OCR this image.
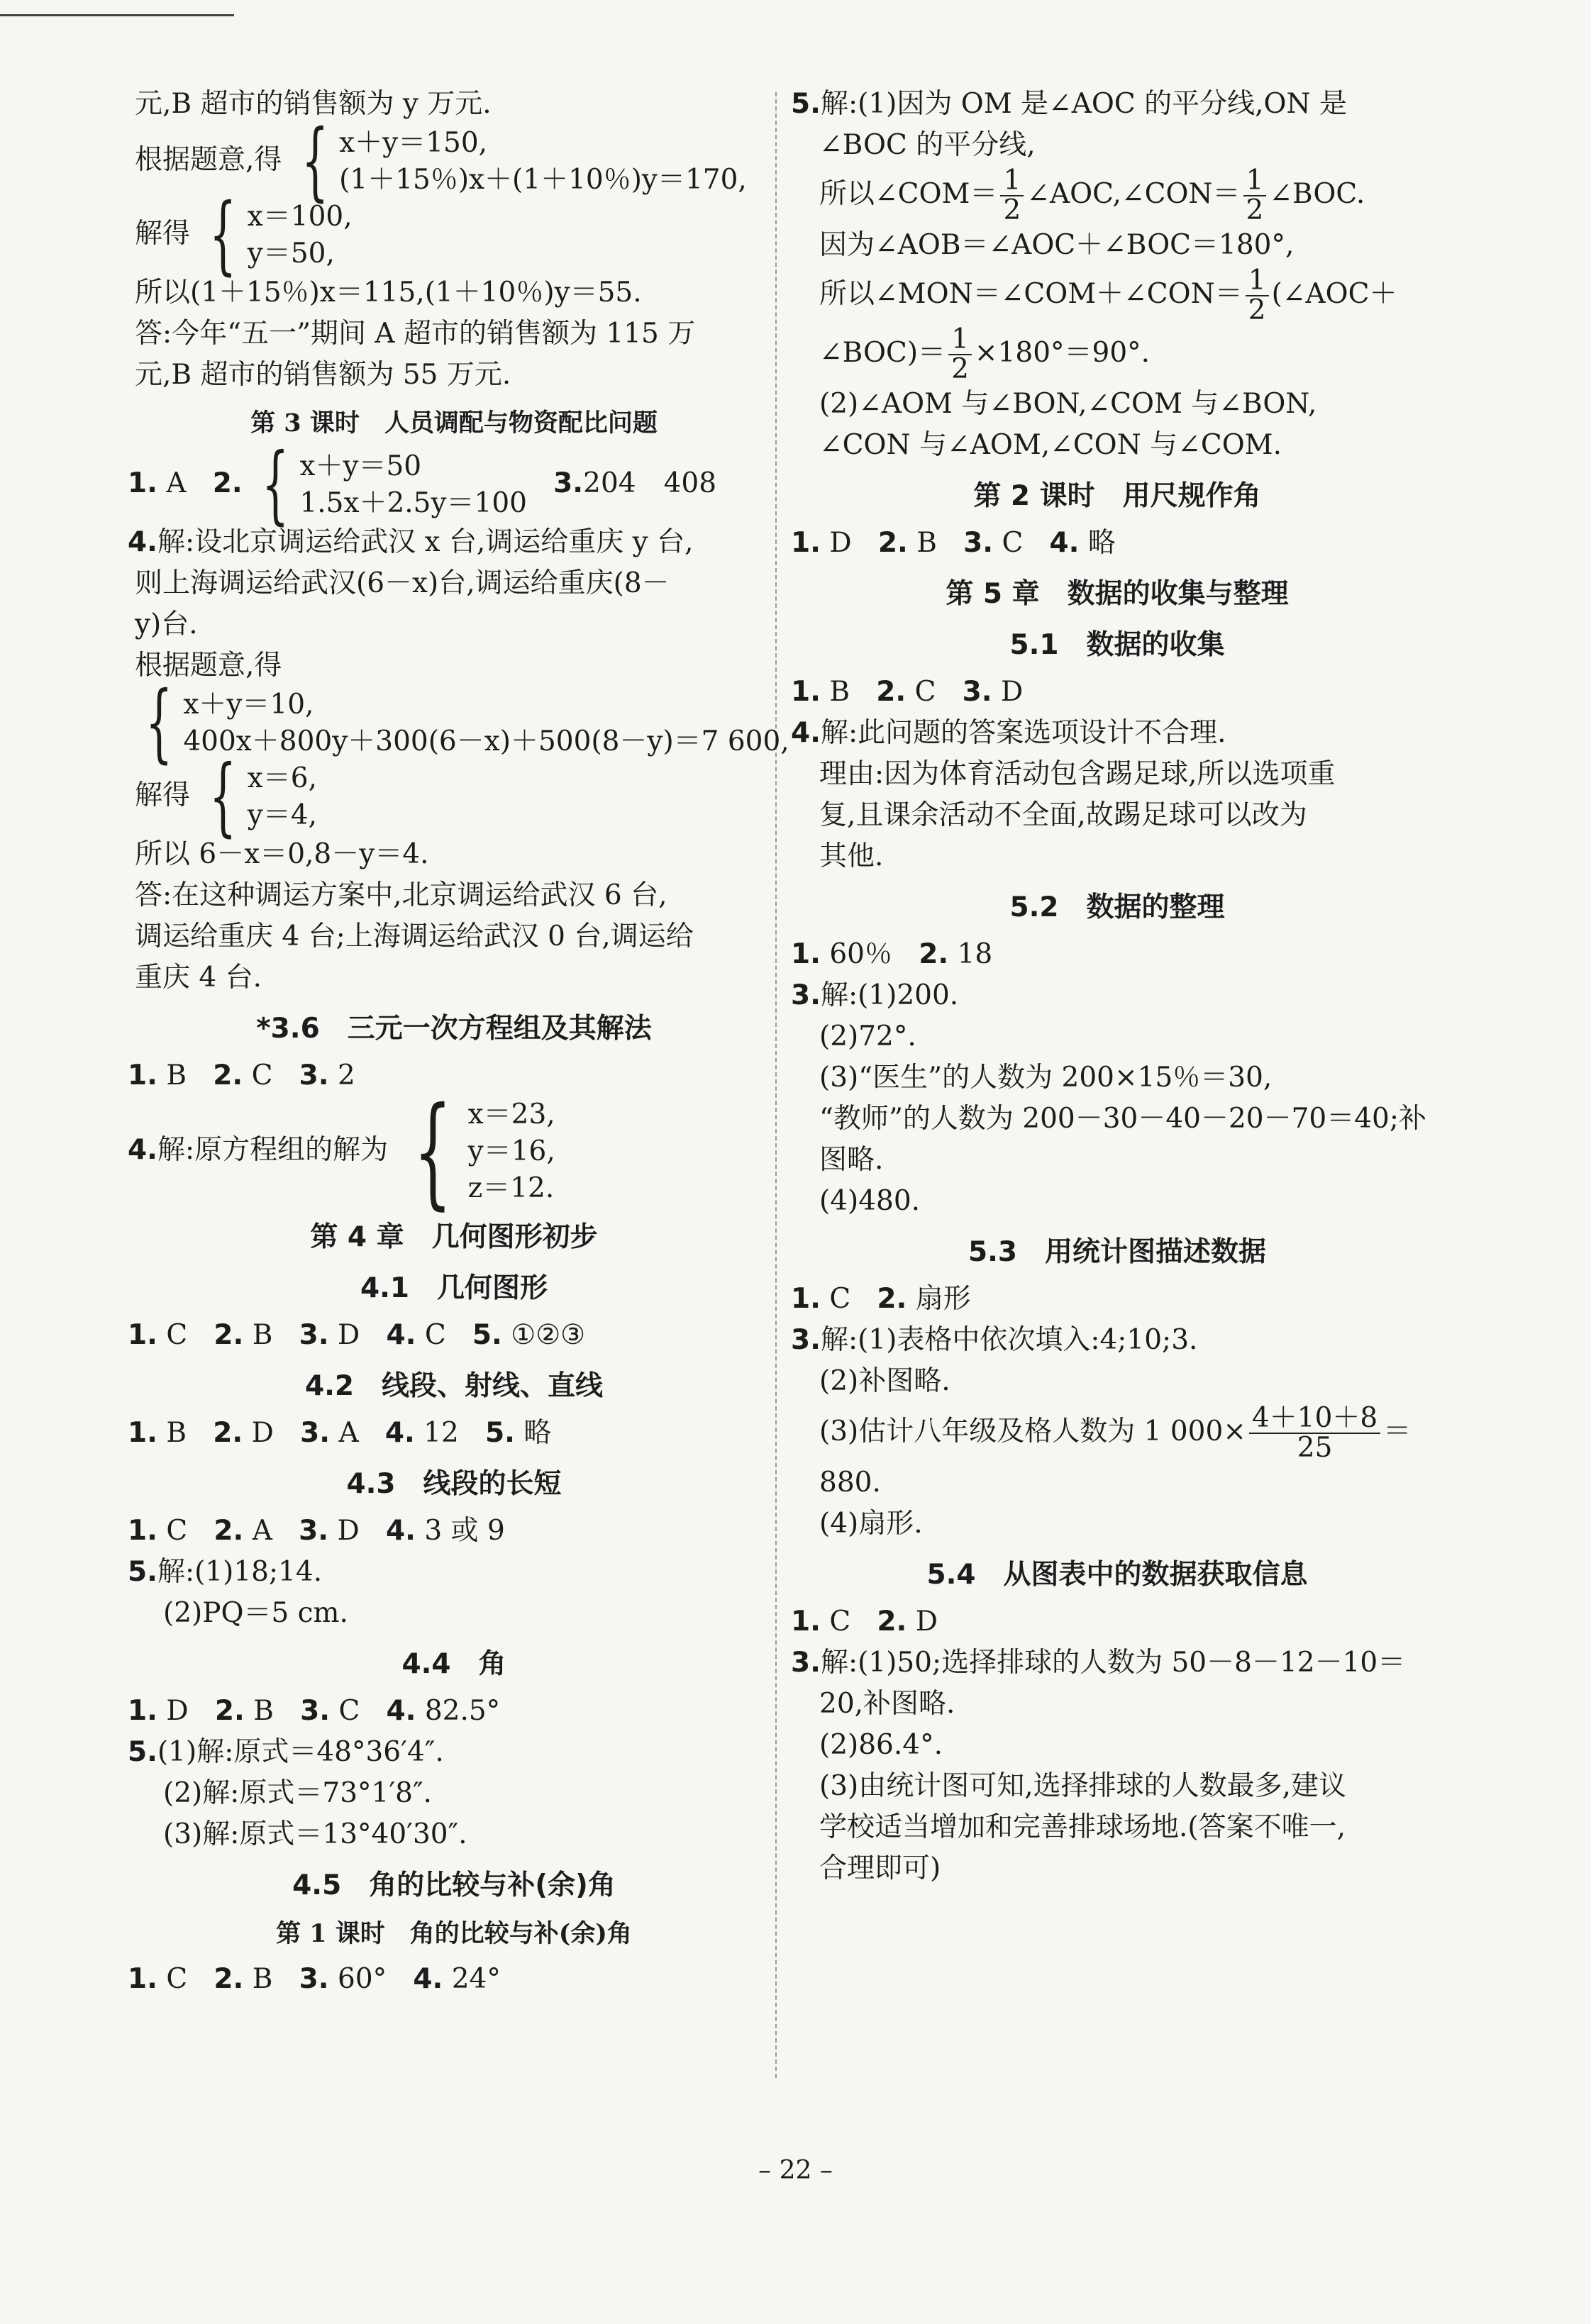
元,B 超市的销售额为 y 万元.
根据题意,得 { x＋y＝150,
(1＋15％)x＋(1＋10％)y＝170,
解得 { x＝100,
y＝50,
所以(1＋15％)x＝115,(1＋10％)y＝55.
答:今年“五一”期间 A 超市的销售额为 115 万
元,B 超市的销售额为 55 万元.
第 3 课时　人员调配与物资配比问题
1. A 2. { x＋y＝50
1.5x＋2.5y＝100
3.204　408
4.解:设北京调运给武汉 x 台,调运给重庆 y 台,
则上海调运给武汉(6－x)台,调运给重庆(8－
y)台.
根据题意,得
{ x＋y＝10,
400x＋800y＋300(6－x)＋500(8－y)＝7 600,
解得 { x＝6,
y＝4,
所以 6－x＝0,8－y＝4.
答:在这种调运方案中,北京调运给武汉 6 台,
调运给重庆 4 台;上海调运给武汉 0 台,调运给
重庆 4 台.
*3.6　三元一次方程组及其解法
1. B 2. C 3. 2
4.解:原方程组的解为 { x＝23,
y＝16,
z＝12.
第 4 章　几何图形初步
4.1　几何图形
1. C 2. B 3. D 4. C 5. ①②③
4.2　线段、射线、直线
1. B 2. D 3. A 4. 12 5. 略
4.3　线段的长短
1. C 2. A 3. D 4. 3 或 9
5.解:(1)18;14.
(2)PQ＝5 cm.
4.4　角
1. D 2. B 3. C 4. 82.5°
5.(1)解:原式＝48°36′4″.
(2)解:原式＝73°1′8″.
(3)解:原式＝13°40′30″.
4.5　角的比较与补(余)角
第 1 课时　角的比较与补(余)角
1. C 2. B 3. 60° 4. 24°
5.解:(1)因为 OM 是∠AOC 的平分线,ON 是
∠BOC 的平分线,
所以∠COM＝ $\frac{1}{2}$ ∠AOC,∠CON＝ $\frac{1}{2}$ ∠BOC.
因为∠AOB＝∠AOC＋∠BOC＝180°,
所以∠MON＝∠COM＋∠CON＝ $\frac{1}{2}$ (∠AOC＋
∠BOC)＝ $\frac{1}{2} \times 180^\circ=90^\circ$.
(2)∠AOM 与∠BON,∠COM 与∠BON,
∠CON 与∠AOM,∠CON 与∠COM.
第 2 课时　用尺规作角
1. D 2. B 3. C 4. 略
第 5 章　数据的收集与整理
5.1　数据的收集
1. B 2. C 3. D
4.解:此问题的答案选项设计不合理.
理由:因为体育活动包含踢足球,所以选项重
复,且课余活动不全面,故踢足球可以改为
其他.
5.2　数据的整理
1. 60％ 2. 18
3.解:(1)200.
(2)72°.
(3)“医生”的人数为 200×15％＝30,
“教师”的人数为 200－30－40－20－70＝40;补
图略.
(4)480.
5.3　用统计图描述数据
1. C 2. 扇形
3.解:(1)表格中依次填入:4;10;3.
(2)补图略.
(3)估计八年级及格人数为 1 $000\times \frac{4+10+8}{25}$ ＝
880.
(4)扇形.
5.4　从图表中的数据获取信息
1. C 2. D
3.解:(1)50;选择排球的人数为 50－8－12－10＝
20,补图略.
(2)86.4°.
(3)由统计图可知,选择排球的人数最多,建议
学校适当增加和完善排球场地.(答案不唯一,
合理即可)
– 22 –
